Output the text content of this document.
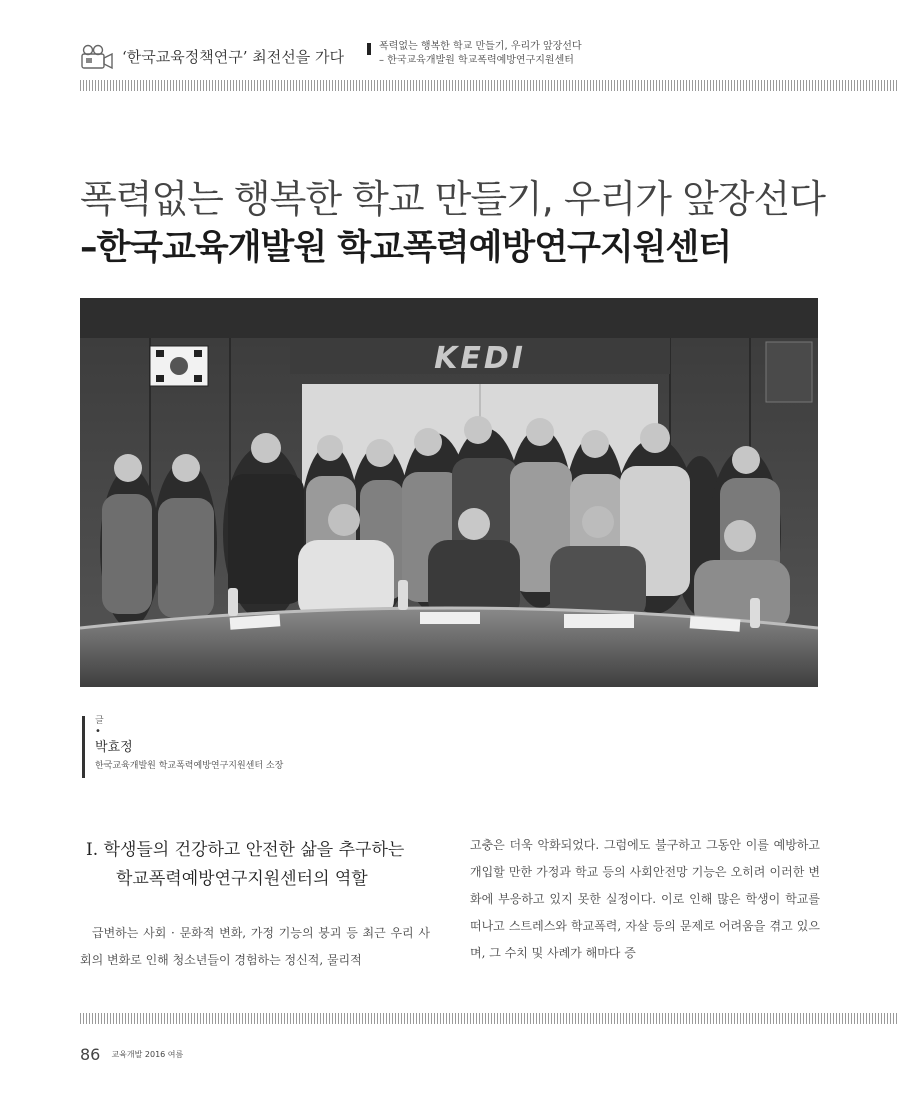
‘한국교육정책연구’ 최전선을 가다
폭력없는 행복한 학교 만들기, 우리가 앞장선다
– 한국교육개발원 학교폭력예방연구지원센터
폭력없는 행복한 학교 만들기, 우리가 앞장선다
–한국교육개발원 학교폭력예방연구지원센터
KEDI
글
•
박효정
한국교육개발원 학교폭력예방연구지원센터 소장
Ⅰ. 학생들의 건강하고 안전한 삶을 추구하는
학교폭력예방연구지원센터의 역할
급변하는 사회 · 문화적 변화, 가정 기능의 붕괴 등 최근 우리 사회의 변화로 인해 청소년들이 경험하는 정신적, 물리적
고충은 더욱 악화되었다. 그럼에도 불구하고 그동안 이를 예방하고 개입할 만한 가정과 학교 등의 사회안전망 기능은 오히려 이러한 변화에 부응하고 있지 못한 실정이다. 이로 인해 많은 학생이 학교를 떠나고 스트레스와 학교폭력, 자살 등의 문제로 어려움을 겪고 있으며, 그 수치 및 사례가 해마다 증
86 교육개발 2016 여름
